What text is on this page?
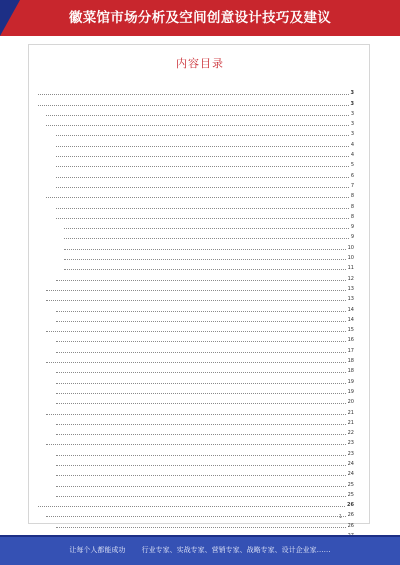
徽菜馆市场分析及空间创意设计技巧及建议
内容目录
3
3
3
3
3
4
4
5
6
7
8
8
8
9
9
10
10
11
12
13
13
14
14
15
16
17
18
18
19
19
20
21
21
22
23
23
24
24
25
25
26
26
26
1
让每个人都能成功 行业专家、实战专家、营销专家、战略专家、设计企业家……
